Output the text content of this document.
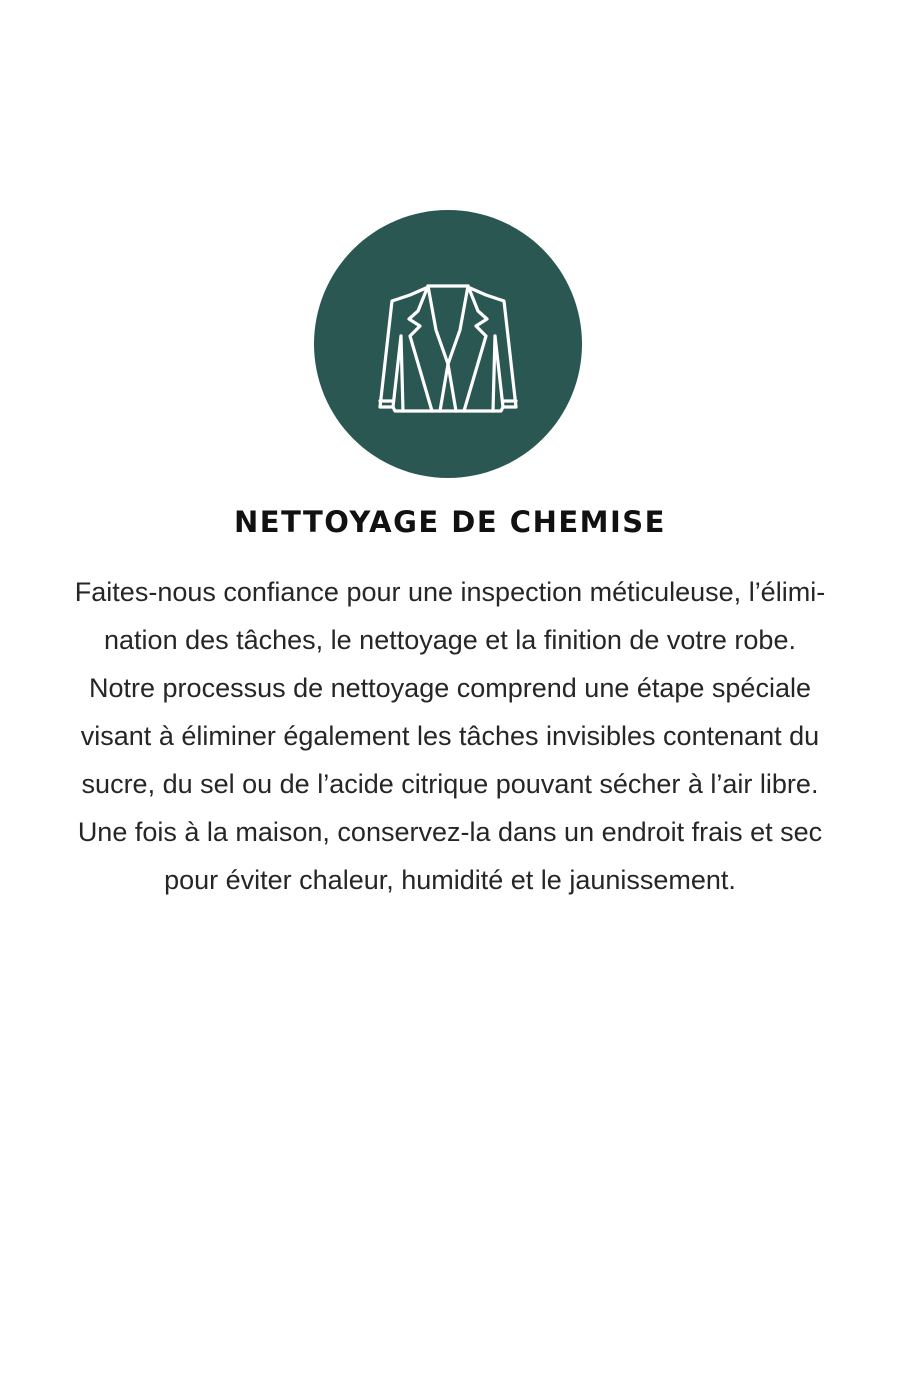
NETTOYAGE DE CHEMISE

Faites-nous confiance pour une inspection méticuleuse, l’élimi-
nation des tâches, le nettoyage et la finition de votre robe.
Notre processus de nettoyage comprend une étape spéciale
visant à éliminer également les tâches invisibles contenant du
sucre, du sel ou de l’acide citrique pouvant sécher à l’air libre.
Une fois à la maison, conservez-la dans un endroit frais et sec
pour éviter chaleur, humidité et le jaunissement.
